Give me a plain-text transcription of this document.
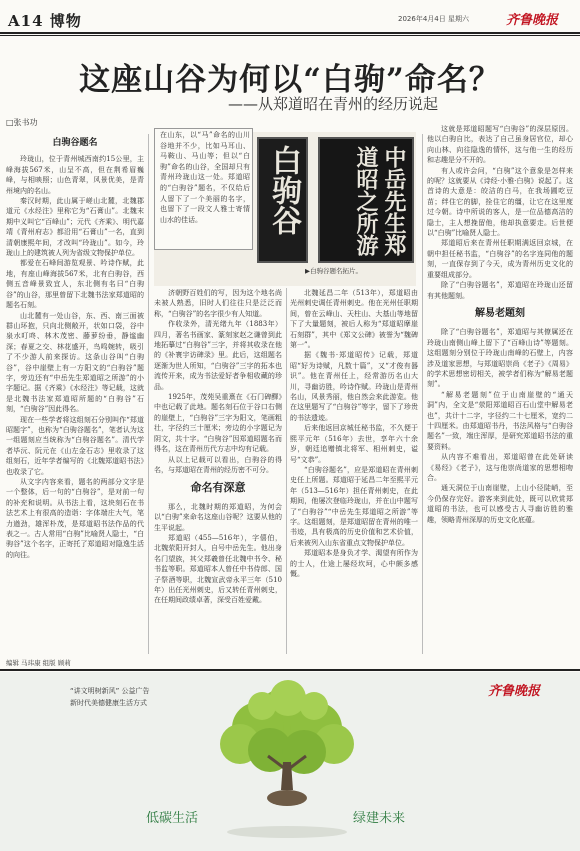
A14 博物	2026年4月4日 星期六	齐鲁晚报
这座山谷为何以“白驹”命名？
——从郑道昭在青州的经历说起
□张书功
白驹谷题名

玲珑山，位于青州城西南约15公里，主峰海拔567米，山呈不高，但在荆希眉巍峰，与相映照；山色青翠，风景优美，是青州境内的名山。

秦汉时期，此山属于嵯山北麓，北魏郡道元《水经注》里称它为“石膏山”。北魏末期中义叫它“百峰山”；元代《齐乘》、明代嘉靖《青州府志》都沿用“石膏山”一名，直到清朝康熙年间，才改叫“玲珑山”。如今，玲珑山上的建筑被人列为省级文物保护单位。

都爱在石峰间游览观景、吟诗作赋，此地，有座山峰海拔567米，北有白驹谷，西侧五音峰景致宜人，东北侧有名曰“白驹谷”的山谷，那里曾留下北魏书法家郑道昭的题名石刻。

山北麓有一处山谷，东、西、南三面被群山环抱，只向北侧敞开，状如口袋，谷中泉水叮咚、林木茂密、藤萝纷垂，静谧幽深；春夏之交、林花盛开，鸟鸣婉转，吸引了不少游人前来探访。这条山谷叫“白驹谷”，谷中崖壁上有一方阳文的“白驹谷”题字，旁边还有“中岳先生郑道昭之所游”的小字题记。据《齐乘》《水经注》等记载，这就是北魏书法家郑道昭所题的“白驹谷”石刻，“白驹谷”因此得名。

现在一些学者将这组刻石分别叫作“郑道昭题字”，也称为“白驹谷题名”，笔者认为这一组题刻应当统称为“白驹谷题名”。清代学者毕沅、阮元在《山左金石志》里收录了这组刻石，近年学者编写的《北魏郑道昭书法》也收录了它。

从文字内容来看，题名的两部分文字是一个整体，后一句的“白驹谷”，是对前一句的补充和说明。从书法上看，这块刻石在书法艺术上有很高的造诣：字体端庄大气，笔力遒劲，雄浑朴茂，是郑道昭书法作品的代表之一。古人常用“白驹”比喻贤人隐士，“白驹谷”这个名字，正寄托了郑道昭对隐逸生活的向往。

在山东，以“马”命名的山川谷地并不少，比如马耳山、马鞍山、马山等；但以“白驹”命名的山谷，全国却只有青州玲珑山这一处。郑道昭的“白驹谷”题名，不仅给后人留下了一个美丽的名字，也留下了一段文人雅士寄情山水的佳话。	白驹谷	中岳先生郑道昭之所游
▶白驹谷题名拓片。

济朝野百姓们的写，因为这个地名尚未被人熟悉，旧时人们往往只是泛泛而称，“白驹谷”的名字很少有人知道。

作收录外，清光绪九年（1883年）四月，著名书画家、篆刻家赵之谦曾到此地拓摹过“白驹谷”三字，并将其收录在他的《补寰宇访碑录》里。此后，这组题名逐渐为世人所知，“白驹谷”三字的拓本也流传开来，成为书法爱好者争相收藏的珍品。

1925年，茂苑吴重熹在《石门碑醳》中也记载了此地。题名刻石位于谷口右侧的崖壁上，“白驹谷”三字为阳文，笔画粗壮，字径约三十厘米；旁边的小字题记为阴文，共十字。“白驹谷”因郑道昭题名而得名，这在青州历代方志中均有记载。

从以上记载可以看出，白驹谷的得名，与郑道昭在青州的经历密不可分。

命名有深意

那么，北魏时期的郑道昭，为何会以“白驹”来命名这座山谷呢？这要从他的生平说起。

郑道昭（455—516年），字僖伯，北魏荥阳开封人，自号中岳先生。他出身名门望族，其父郑羲曾任北魏中书令、秘书监等职。郑道昭本人曾任中书侍郎、国子祭酒等职，北魏宣武帝永平三年（510年）出任光州刺史，后又转任青州刺史，在任期间政绩卓著，深受百姓爱戴。

北魏延昌二年（513年），郑道昭由光州刺史调任青州刺史。他在光州任职期间，曾在云峰山、天柱山、大基山等地留下了大量题刻，被后人称为“郑道昭摩崖石刻群”，其中《郑文公碑》被誉为“魏碑第一”。

据《魏书·郑道昭传》记载，郑道昭“好为诗赋，凡数十篇”，又“才俊有器识”。他在青州任上，经常游历名山大川，寻幽访胜，吟诗作赋。玲珑山是青州名山，风景秀丽，他自然会来此游览。他在这里题写了“白驹谷”等字，留下了珍贵的书法遗迹。

后来他返回京城任秘书监，不久便于熙平元年（516年）去世，享年六十余岁，朝廷追赠镇北将军、相州刺史，谥号“文恭”。

“白驹谷题名”，应是郑道昭在青州刺史任上所题。郑道昭于延昌二年至熙平元年（513—516年）担任青州刺史，在此期间，他屡次登临玲珑山，并在山中题写了“白驹谷”“中岳先生郑道昭之所游”等字。这组题刻，是郑道昭留在青州的唯一书迹，具有极高的历史价值和艺术价值，后来被列入山东省重点文物保护单位。

郑道昭本是身负才学、渴望有所作为的士人，仕途上屡经坎坷，心中颇多感慨。

这就是郑道昭题写“白驹谷”的深层原因。他以白驹自比，表达了自己虽身居官位，却心向山林、向往隐逸的情怀，这与他一生的经历和志趣是分不开的。

有人或许会问，“白驹”这个意象是怎样来的呢？这就要从《诗经·小雅·白驹》说起了。这首诗的大意是：皎洁的白马，在我场圃吃豆苗；绊住它的脚，拴住它的缰，让它在这里度过今朝。诗中所说的客人，是一位品德高洁的隐士，主人想挽留他，他却执意要走。后世便以“白驹”比喻贤人隐士。

郑道昭后来在青州任职期满返回京城，在朝中担任秘书监，“白驹谷”的名字连同他的题刻，一直保存到了今天，成为青州历史文化的重要组成部分。

除了“白驹谷题名”，郑道昭在玲珑山还留有其他题刻。

解易老题刻

除了“白驹谷题名”，郑道昭与其僚属还在玲珑山南侧山峰上留下了“百峰山诗”等题刻。这组题刻分别位于玲珑山南峰的石壁上，内容涉及道家思想，与郑道昭崇尚《老子》《周易》的学术思想密切相关，被学者们称为“解易老题刻”。

“解易老题刻”位于山南崖壁的“通天洞”内，全文是“荥阳郑道昭百石山堂中解易老也”，共计十二字，字径约二十七厘米，宽约二十四厘米。由郑道昭书丹，书法风格与“白驹谷题名”一致，端庄浑厚，是研究郑道昭书法的重要资料。

从内容不难看出，郑道昭曾在此处研读《易经》《老子》，这与他崇尚道家的思想相吻合。

通天洞位于山南崖壁，上山小径陡峭，至今仍保存完好。游客来到此处，既可以欣赏郑道昭的书法，也可以感受古人寻幽访胜的雅趣，领略青州深厚的历史文化底蕴。

编辑 马玮康 组版 顾莉
齐鲁晚报
“讲文明树新风” 公益广告
新时代美德健康生活方式
低碳生活	绿建未来
